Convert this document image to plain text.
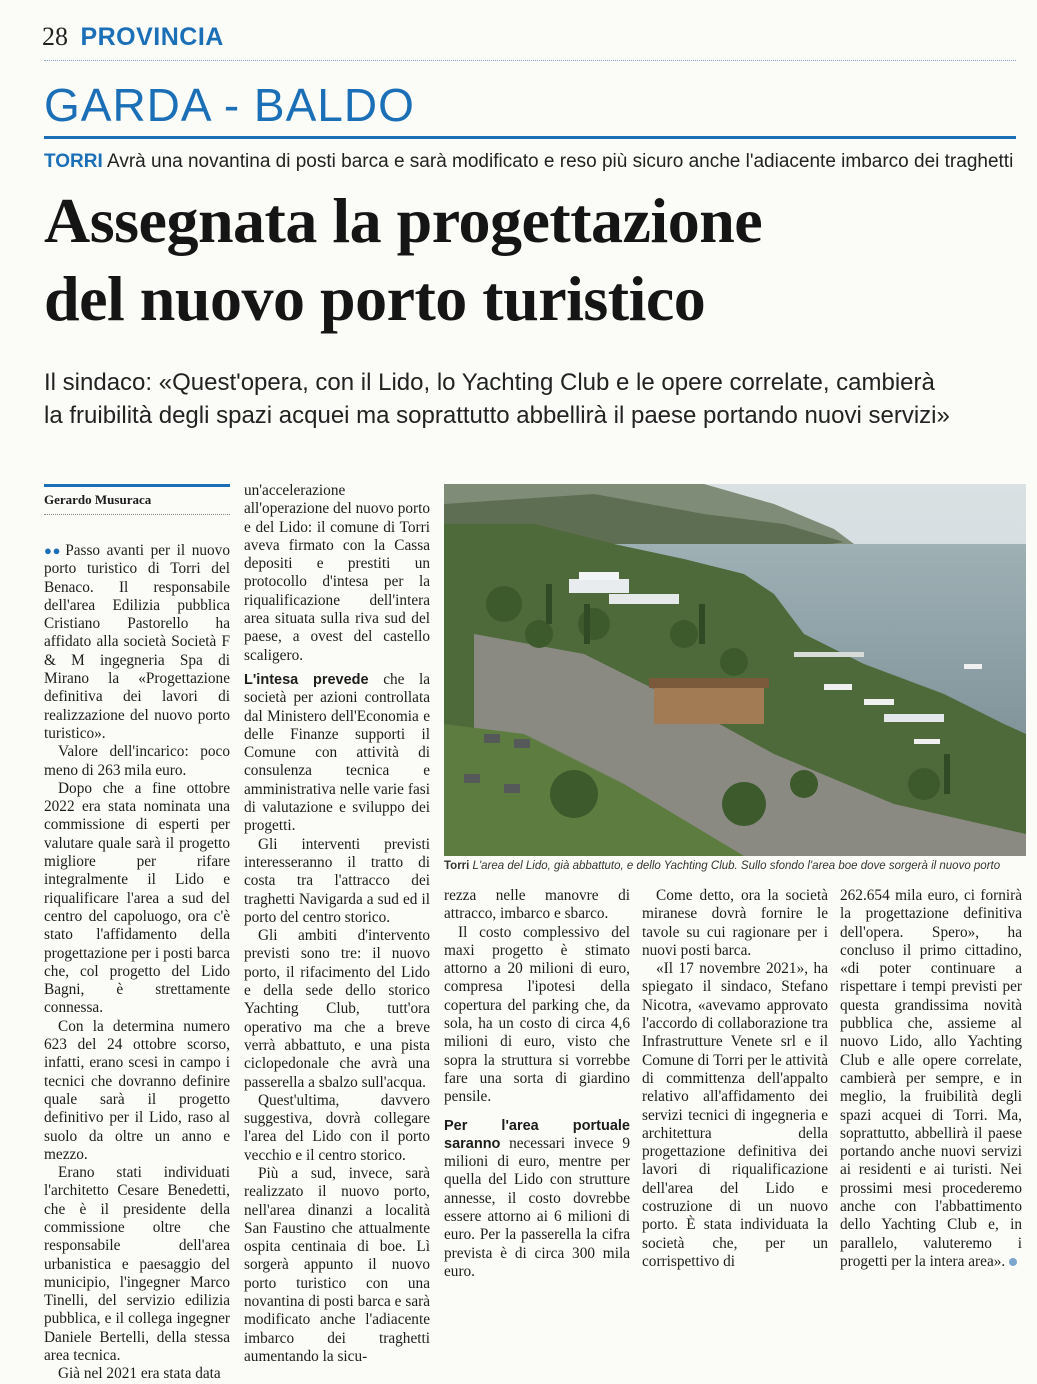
28 PROVINCIA
GARDA - BALDO
TORRI Avrà una novantina di posti barca e sarà modificato e reso più sicuro anche l'adiacente imbarco dei traghetti
Assegnata la progettazione
del nuovo porto turistico
Il sindaco: «Quest'opera, con il Lido, lo Yachting Club e le opere correlate, cambierà
la fruibilità degli spazi acquei ma soprattutto abbellirà il paese portando nuovi servizi»
Gerardo Musuraca

●● Passo avanti per il nuovo porto turistico di Torri del Benaco. Il responsabile dell'area Edilizia pubblica Cristiano Pastorello ha affidato alla società Società F & M ingegneria Spa di Mirano la «Progettazione definitiva dei lavori di realizzazione del nuovo porto turistico».

Valore dell'incarico: poco meno di 263 mila euro.

Dopo che a fine ottobre 2022 era stata nominata una commissione di esperti per valutare quale sarà il progetto migliore per rifare integralmente il Lido e riqualificare l'area a sud del centro del capoluogo, ora c'è stato l'affidamento della progettazione per i posti barca che, col progetto del Lido Bagni, è strettamente connessa.

Con la determina numero 623 del 24 ottobre scorso, infatti, erano scesi in campo i tecnici che dovranno definire quale sarà il progetto definitivo per il Lido, raso al suolo da oltre un anno e mezzo.

Erano stati individuati l'architetto Cesare Benedetti, che è il presidente della commissione oltre che responsabile dell'area urbanistica e paesaggio del municipio, l'ingegner Marco Tinelli, del servizio edilizia pubblica, e il collega ingegner Daniele Bertelli, della stessa area tecnica.

Già nel 2021 era stata data

un'accelerazione all'operazione del nuovo porto e del Lido: il comune di Torri aveva firmato con la Cassa depositi e prestiti un protocollo d'intesa per la riqualificazione dell'intera area situata sulla riva sud del paese, a ovest del castello scaligero.

L'intesa prevede che la società per azioni controllata dal Ministero dell'Economia e delle Finanze supporti il Comune con attività di consulenza tecnica e amministrativa nelle varie fasi di valutazione e sviluppo dei progetti.

Gli interventi previsti interesseranno il tratto di costa tra l'attracco dei traghetti Navigarda a sud ed il porto del centro storico.

Gli ambiti d'intervento previsti sono tre: il nuovo porto, il rifacimento del Lido e della sede dello storico Yachting Club, tutt'ora operativo ma che a breve verrà abbattuto, e una pista ciclopedonale che avrà una passerella a sbalzo sull'acqua.

Quest'ultima, davvero suggestiva, dovrà collegare l'area del Lido con il porto vecchio e il centro storico.

Più a sud, invece, sarà realizzato il nuovo porto, nell'area dinanzi a località San Faustino che attualmente ospita centinaia di boe. Lì sorgerà appunto il nuovo porto turistico con una novantina di posti barca e sarà modificato anche l'adiacente imbarco dei traghetti aumentando la sicu-

Torri L'area del Lido, già abbattuto, e dello Yachting Club. Sullo sfondo l'area boe dove sorgerà il nuovo porto

rezza nelle manovre di attracco, imbarco e sbarco.

Il costo complessivo del maxi progetto è stimato attorno a 20 milioni di euro, compresa l'ipotesi della copertura del parking che, da sola, ha un costo di circa 4,6 milioni di euro, visto che sopra la struttura si vorrebbe fare una sorta di giardino pensile.

Per l'area portuale saranno necessari invece 9 milioni di euro, mentre per quella del Lido con strutture annesse, il costo dovrebbe essere attorno ai 6 milioni di euro. Per la passerella la cifra prevista è di circa 300 mila euro.

Come detto, ora la società miranese dovrà fornire le tavole su cui ragionare per i nuovi posti barca.

«Il 17 novembre 2021», ha spiegato il sindaco, Stefano Nicotra, «avevamo approvato l'accordo di collaborazione tra Infrastrutture Venete srl e il Comune di Torri per le attività di committenza dell'appalto relativo all'affidamento dei servizi tecnici di ingegneria e architettura della progettazione definitiva dei lavori di riqualificazione dell'area del Lido e costruzione di un nuovo porto. È stata individuata la società che, per un corrispettivo di

262.654 mila euro, ci fornirà la progettazione definitiva dell'opera. Spero», ha concluso il primo cittadino, «di poter continuare a rispettare i tempi previsti per questa grandissima novità pubblica che, assieme al nuovo Lido, allo Yachting Club e alle opere correlate, cambierà per sempre, e in meglio, la fruibilità degli spazi acquei di Torri. Ma, soprattutto, abbellirà il paese portando anche nuovi servizi ai residenti e ai turisti. Nei prossimi mesi procederemo anche con l'abbattimento dello Yachting Club e, in parallelo, valuteremo i progetti per la intera area».
